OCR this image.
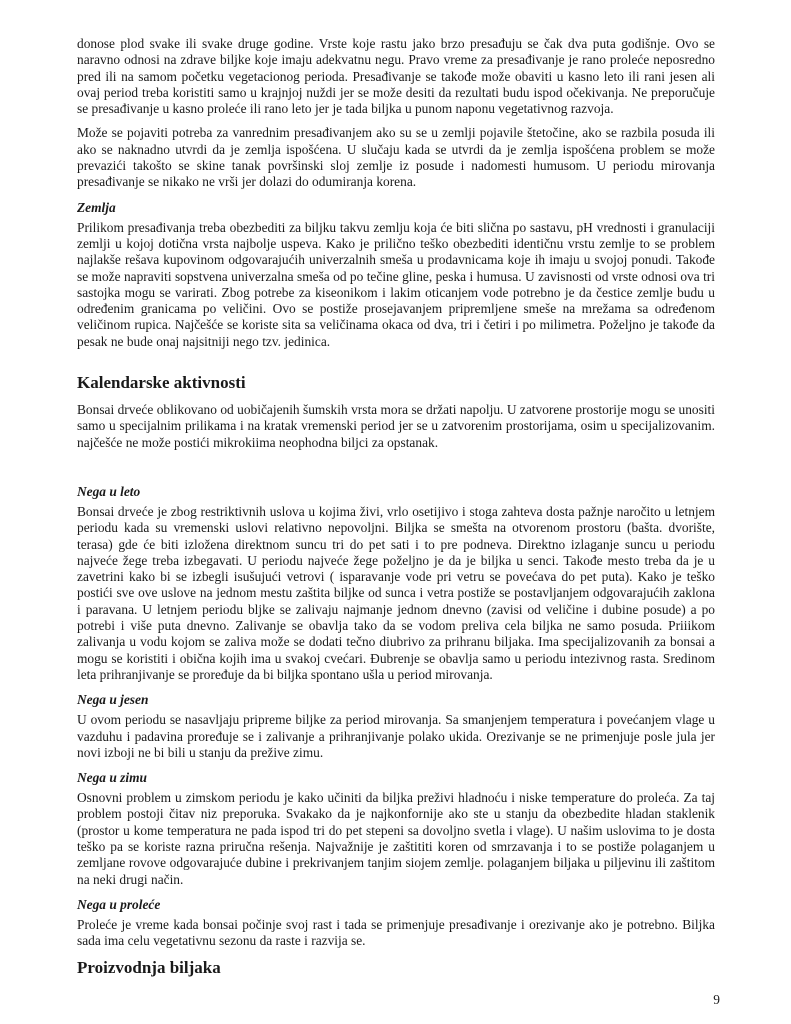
donose plod svake ili svake druge godine. Vrste koje rastu jako brzo presađuju se čak dva puta godišnje. Ovo se naravno odnosi na zdrave biljke koje imaju adekvatnu negu. Pravo vreme za presađivanje je rano proleće neposredno pred ili na samom početku vegetacionog perioda. Presađivanje se takođe može obaviti u kasno leto ili rani jesen ali ovaj period treba koristiti samo u krajnjoj nuždi jer se može desiti da rezultati budu ispod očekivanja. Ne preporučuje se presađivanje u kasno proleće ili rano leto jer je tada biljka u punom naponu vegetativnog razvoja.

Može se pojaviti potreba za vanrednim presađivanjem ako su se u zemlji pojavile štetočine, ako se razbila posuda ili ako se naknadno utvrdi da je zemlja ispošćena. U slučaju kada se utvrdi da je zemlja ispošćena problem se može prevazići takošto se skine tanak površinski sloj zemlje iz posude i nadomesti humusom. U periodu mirovanja presađivanje se nikako ne vrši jer dolazi do odumiranja korena.

Zemlja

Prilikom presađivanja treba obezbediti za biljku takvu zemlju koja će biti slična po sastavu, pH vrednosti i granulaciji zemlji u kojoj dotična vrsta najbolje uspeva. Kako je prilično teško obezbediti identičnu vrstu zemlje to se problem najlakše rešava kupovinom odgovarajućih univerzalnih smeša u prodavnicama koje ih imaju u svojoj ponudi. Takođe se može napraviti sopstvena univerzalna smeša od po tečine gline, peska i humusa. U zavisnosti od vrste odnosi ova tri sastojka mogu se varirati. Zbog potrebe za kiseonikom i lakim oticanjem vode potrebno je da čestice zemlje budu u određenim granicama po veličini. Ovo se postiže prosejavanjem pripremljene smeše na mrežama sa određenom veličinom rupica. Najčešće se koriste sita sa veličinama okaca od dva, tri i četiri i po milimetra. Poželjno je takođe da pesak ne bude onaj najsitniji nego tzv. jedinica.

Kalendarske aktivnosti

Bonsai drveće oblikovano od uobičajenih šumskih vrsta mora se držati napolju. U zatvorene prostorije mogu se unositi samo u specijalnim prilikama i na kratak vremenski period jer se u zatvorenim prostorijama, osim u specijalizovanim. najčešće ne može postići mikrokiima neophodna biljci za opstanak.

Nega u leto

Bonsai drveće je zbog restriktivnih uslova u kojima živi, vrlo osetijivo i stoga zahteva dosta pažnje naročito u letnjem periodu kada su vremenski uslovi relativno nepovoljni. Biljka se smešta na otvorenom prostoru (bašta. dvorište, terasa) gde će biti izložena direktnom suncu tri do pet sati i to pre podneva. Direktno izlaganje suncu u periodu najveće žege treba izbegavati. U periodu najveće žege poželjno je da je biljka u senci. Takođe mesto treba da je u zavetrini kako bi se izbegli isušujući vetrovi ( isparavanje vode pri vetru se povećava do pet puta). Kako je teško postići sve ove uslove na jednom mestu zaštita biljke od sunca i vetra postiže se postavljanjem odgovarajućih zaklona i paravana. U letnjem periodu bljke se zalivaju najmanje jednom dnevno (zavisi od veličine i dubine posude) a po potrebi i više puta dnevno. Zalivanje se obavlja tako da se vodom preliva cela biljka ne samo posuda. Priiikom zalivanja u vodu kojom se zaliva može se dodati tečno diubrivo za prihranu biljaka. Ima specijalizovanih za bonsai a mogu se koristiti i obična kojih ima u svakoj cvećari. Đubrenje se obavlja samo u periodu intezivnog rasta. Sredinom leta prihranjivanje se proređuje da bi biljka spontano ušla u period mirovanja.

Nega u jesen

U ovom periodu se nasavljaju pripreme biljke za period mirovanja. Sa smanjenjem temperatura i povećanjem vlage u vazduhu i padavina proređuje se i zalivanje a prihranjivanje polako ukida. Orezivanje se ne primenjuje posle jula jer novi izboji ne bi bili u stanju da prežive zimu.

Nega u zimu

Osnovni problem u zimskom periodu je kako učiniti da biljka preživi hladnoću i niske temperature do proleća. Za taj problem postoji čitav niz preporuka. Svakako da je najkonfornije ako ste u stanju da obezbedite hladan staklenik (prostor u kome temperatura ne pada ispod tri do pet stepeni sa dovoljno svetla i vlage). U našim uslovima to je dosta teško pa se koriste razna priručna rešenja. Najvažnije je zaštititi koren od smrzavanja i to se postiže polaganjem u zemljane rovove odgovarajuće dubine i prekrivanjem tanjim siojem zemlje. polaganjem biljaka u piljevinu ili zaštitom na neki drugi način.

Nega u proleće

Proleće je vreme kada bonsai počinje svoj rast i tada se primenjuje presađivanje i orezivanje ako je potrebno. Biljka sada ima celu vegetativnu sezonu da raste i razvija se.

Proizvodnja biljaka
9
